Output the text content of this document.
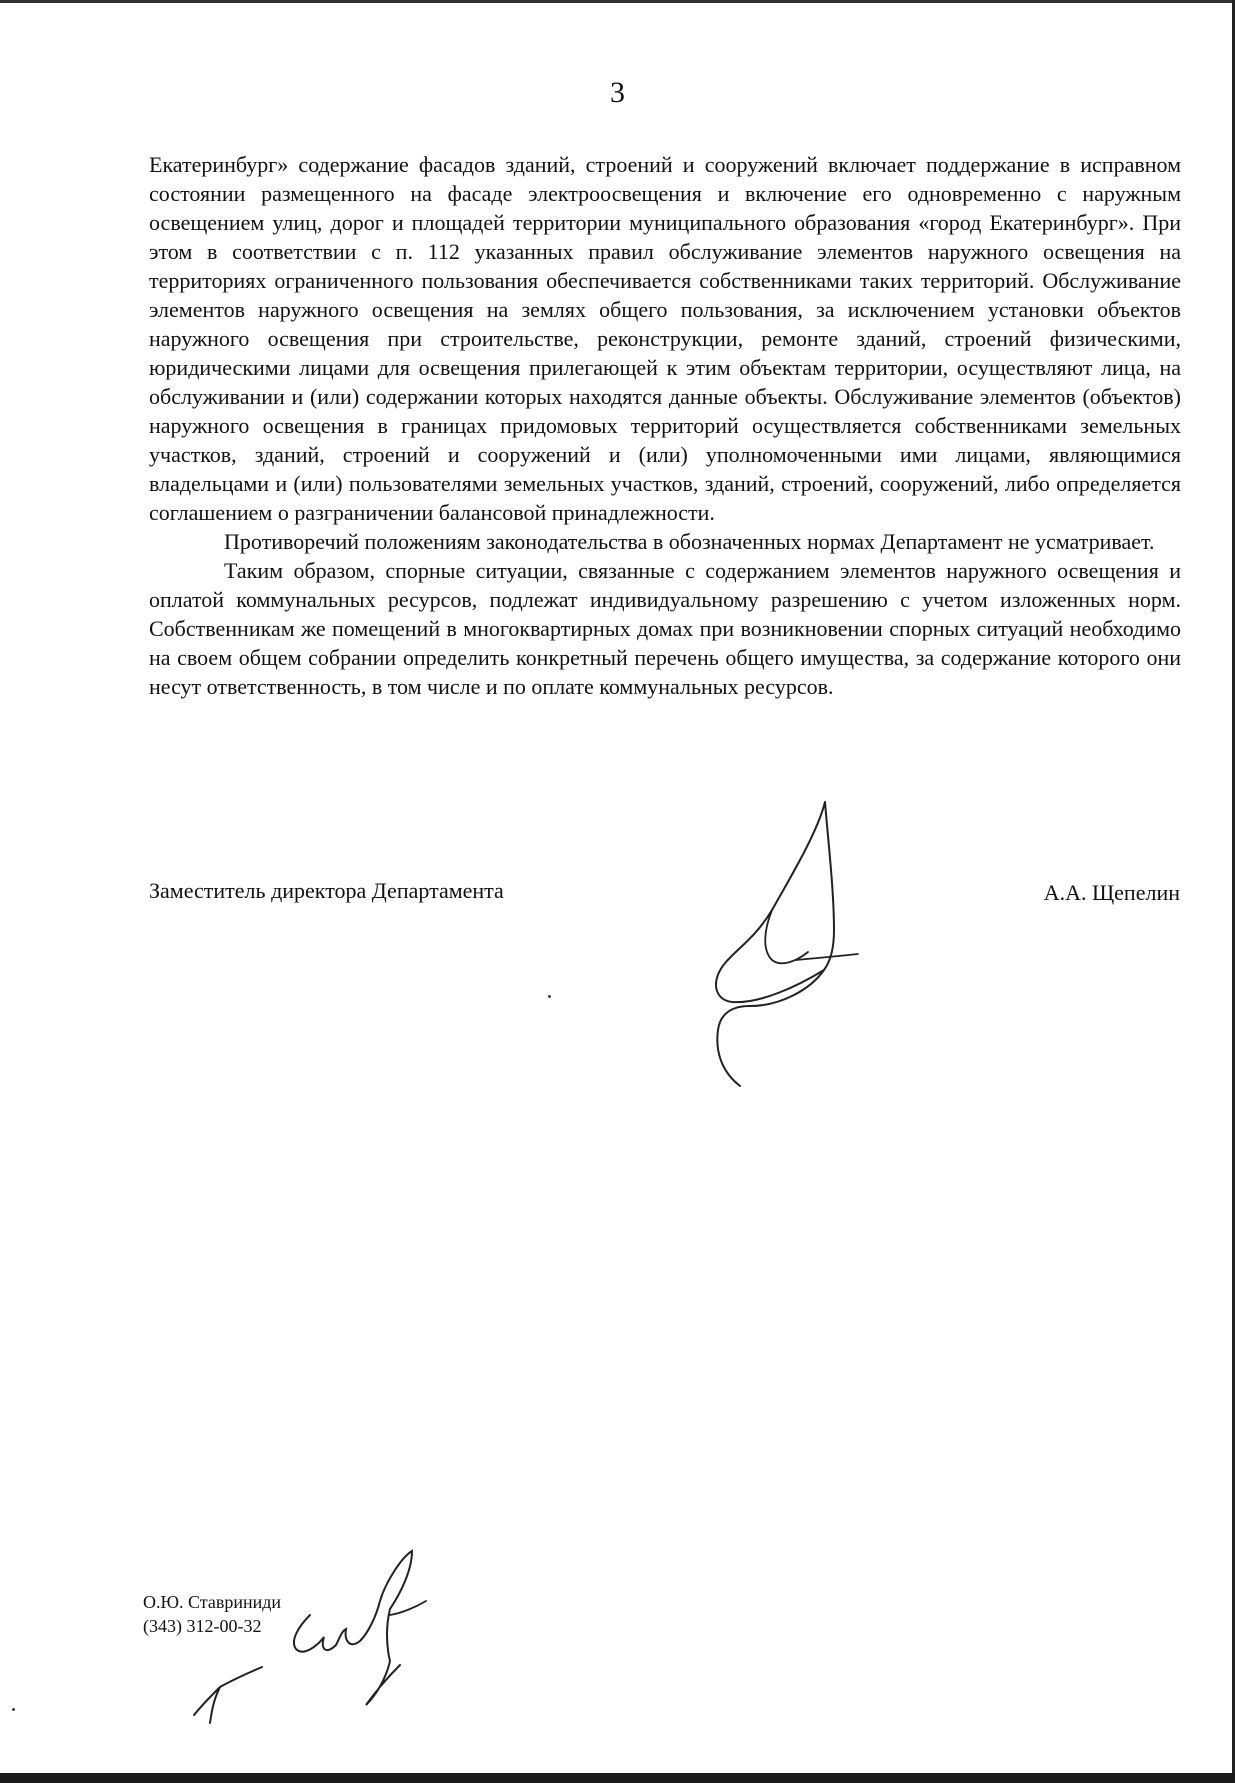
3

Екатеринбург» содержание фасадов зданий, строений и сооружений включает поддержание в исправном состоянии размещенного на фасаде электроосвещения и включение его одновременно с наружным освещением улиц, дорог и площадей территории муниципального образования «город Екатеринбург». При этом в соответствии с п. 112 указанных правил обслуживание элементов наружного освещения на территориях ограниченного пользования обеспечивается собственниками таких территорий. Обслуживание элементов наружного освещения на землях общего пользования, за исключением установки объектов наружного освещения при строительстве, реконструкции, ремонте зданий, строений физическими, юридическими лицами для освещения прилегающей к этим объектам территории, осуществляют лица, на обслуживании и (или) содержании которых находятся данные объекты. Обслуживание элементов (объектов) наружного освещения в границах придомовых территорий осуществляется собственниками земельных участков, зданий, строений и сооружений и (или) уполномоченными ими лицами, являющимися владельцами и (или) пользователями земельных участков, зданий, строений, сооружений, либо определяется соглашением о разграничении балансовой принадлежности.

Противоречий положениям законодательства в обозначенных нормах Департамент не усматривает.

Таким образом, спорные ситуации, связанные с содержанием элементов наружного освещения и оплатой коммунальных ресурсов, подлежат индивидуальному разрешению с учетом изложенных норм. Собственникам же помещений в многоквартирных домах при возникновении спорных ситуаций необходимо на своем общем собрании определить конкретный перечень общего имущества, за содержание которого они несут ответственность, в том числе и по оплате коммунальных ресурсов.

Заместитель директора Департамента	А.А. Щепелин
О.Ю. Ставриниди
(343) 312-00-32
